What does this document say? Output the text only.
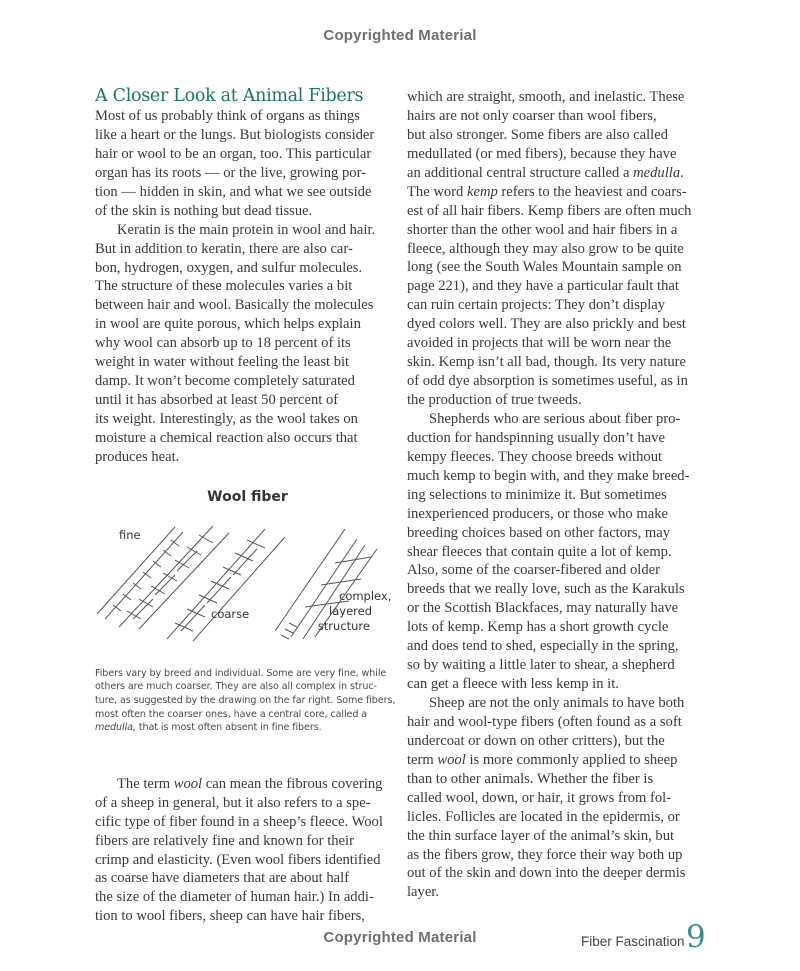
Copyrighted Material
A Closer Look at Animal Fibers
Most of us probably think of organs as things
like a heart or the lungs. But biologists consider
hair or wool to be an organ, too. This particular
organ has its roots — or the live, growing por-
tion — hidden in skin, and what we see outside
of the skin is nothing but dead tissue.
Keratin is the main protein in wool and hair.
But in addition to keratin, there are also car-
bon, hydrogen, oxygen, and sulfur molecules.
The structure of these molecules varies a bit
between hair and wool. Basically the molecules
in wool are quite porous, which helps explain
why wool can absorb up to 18 percent of its
weight in water without feeling the least bit
damp. It won’t become completely saturated
until it has absorbed at least 50 percent of
its weight. Interestingly, as the wool takes on
moisture a chemical reaction also occurs that
produces heat.
Wool fiber
fine
coarse
complex,
layered
structure
Fibers vary by breed and individual. Some are very fine, while
others are much coarser. They are also all complex in struc-
ture, as suggested by the drawing on the far right. Some fibers,
most often the coarser ones, have a central core, called a
medulla, that is most often absent in fine fibers.
The term wool can mean the fibrous covering
of a sheep in general, but it also refers to a spe-
cific type of fiber found in a sheep’s fleece. Wool
fibers are relatively fine and known for their
crimp and elasticity. (Even wool fibers identified
as coarse have diameters that are about half
the size of the diameter of human hair.) In addi-
tion to wool fibers, sheep can have hair fibers,
which are straight, smooth, and inelastic. These
hairs are not only coarser than wool fibers,
but also stronger. Some fibers are also called
medullated (or med fibers), because they have
an additional central structure called a medulla.
The word kemp refers to the heaviest and coars-
est of all hair fibers. Kemp fibers are often much
shorter than the other wool and hair fibers in a
fleece, although they may also grow to be quite
long (see the South Wales Mountain sample on
page 221), and they have a particular fault that
can ruin certain projects: They don’t display
dyed colors well. They are also prickly and best
avoided in projects that will be worn near the
skin. Kemp isn’t all bad, though. Its very nature
of odd dye absorption is sometimes useful, as in
the production of true tweeds.
Shepherds who are serious about fiber pro-
duction for handspinning usually don’t have
kempy fleeces. They choose breeds without
much kemp to begin with, and they make breed-
ing selections to minimize it. But sometimes
inexperienced producers, or those who make
breeding choices based on other factors, may
shear fleeces that contain quite a lot of kemp.
Also, some of the coarser-fibered and older
breeds that we really love, such as the Karakuls
or the Scottish Blackfaces, may naturally have
lots of kemp. Kemp has a short growth cycle
and does tend to shed, especially in the spring,
so by waiting a little later to shear, a shepherd
can get a fleece with less kemp in it.
Sheep are not the only animals to have both
hair and wool-type fibers (often found as a soft
undercoat or down on other critters), but the
term wool is more commonly applied to sheep
than to other animals. Whether the fiber is
called wool, down, or hair, it grows from fol-
licles. Follicles are located in the epidermis, or
the thin surface layer of the animal’s skin, but
as the fibers grow, they force their way both up
out of the skin and down into the deeper dermis
layer.
Copyrighted Material	Fiber Fascination 9
